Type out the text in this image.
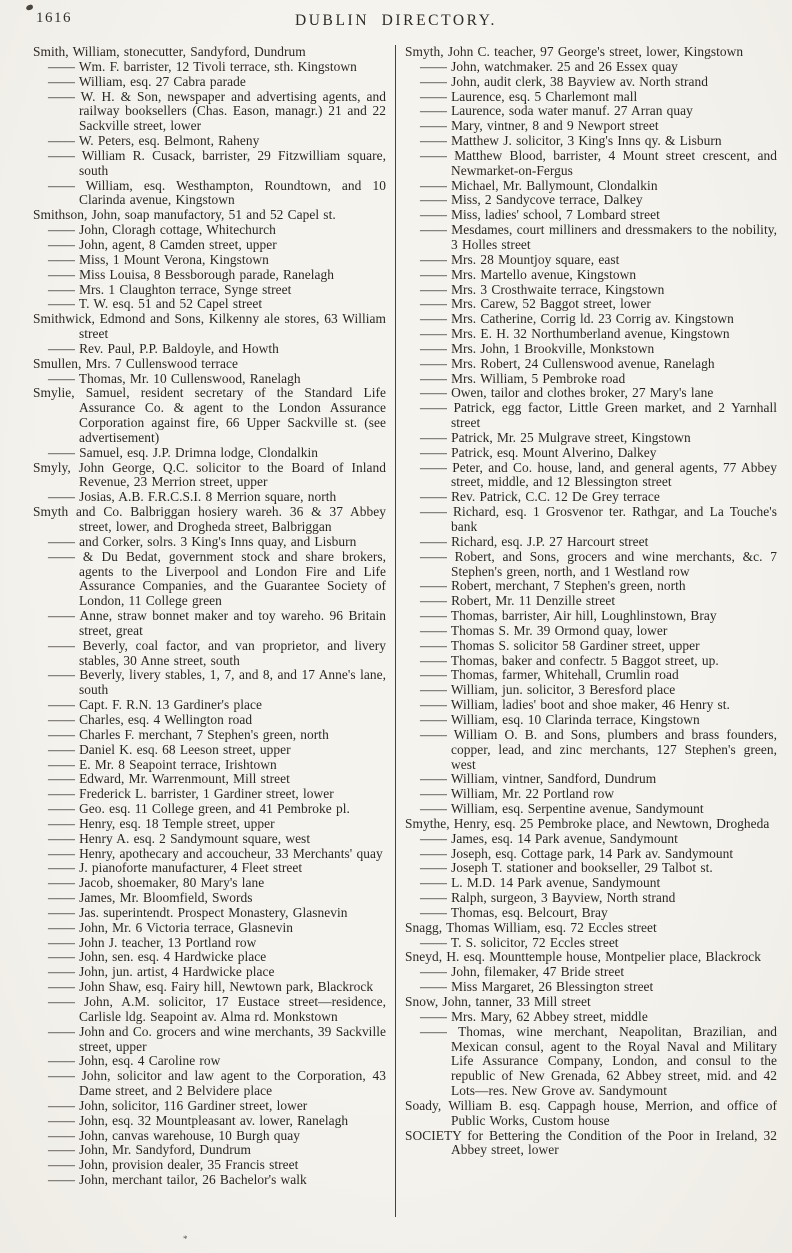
1616	DUBLIN DIRECTORY.

Smith, William, stonecutter, Sandyford, Dundrum

—— Wm. F. barrister, 12 Tivoli terrace, sth. Kingstown

—— William, esq. 27 Cabra parade

—— W. H. & Son, newspaper and advertising agents, and railway booksellers (Chas. Eason, managr.) 21 and 22 Sackville street, lower

—— W. Peters, esq. Belmont, Raheny

—— William R. Cusack, barrister, 29 Fitzwilliam square, south

—— William, esq. Westhampton, Roundtown, and 10 Clarinda avenue, Kingstown

Smithson, John, soap manufactory, 51 and 52 Capel st.

—— John, Cloragh cottage, Whitechurch

—— John, agent, 8 Camden street, upper

—— Miss, 1 Mount Verona, Kingstown

—— Miss Louisa, 8 Bessborough parade, Ranelagh

—— Mrs. 1 Claughton terrace, Synge street

—— T. W. esq. 51 and 52 Capel street

Smithwick, Edmond and Sons, Kilkenny ale stores, 63 William street

—— Rev. Paul, P.P. Baldoyle, and Howth

Smullen, Mrs. 7 Cullenswood terrace

—— Thomas, Mr. 10 Cullenswood, Ranelagh

Smylie, Samuel, resident secretary of the Standard Life Assurance Co. & agent to the London Assurance Corporation against fire, 66 Upper Sackville st. (see advertisement)

—— Samuel, esq. J.P. Drimna lodge, Clondalkin

Smyly, John George, Q.C. solicitor to the Board of Inland Revenue, 23 Merrion street, upper

—— Josias, A.B. F.R.C.S.I. 8 Merrion square, north

Smyth and Co. Balbriggan hosiery wareh. 36 & 37 Abbey street, lower, and Drogheda street, Balbriggan

—— and Corker, solrs. 3 King's Inns quay, and Lisburn

—— & Du Bedat, government stock and share brokers, agents to the Liverpool and London Fire and Life Assurance Companies, and the Guarantee Society of London, 11 College green

—— Anne, straw bonnet maker and toy wareho. 96 Britain street, great

—— Beverly, coal factor, and van proprietor, and livery stables, 30 Anne street, south

—— Beverly, livery stables, 1, 7, and 8, and 17 Anne's lane, south

—— Capt. F. R.N. 13 Gardiner's place

—— Charles, esq. 4 Wellington road

—— Charles F. merchant, 7 Stephen's green, north

—— Daniel K. esq. 68 Leeson street, upper

—— E. Mr. 8 Seapoint terrace, Irishtown

—— Edward, Mr. Warrenmount, Mill street

—— Frederick L. barrister, 1 Gardiner street, lower

—— Geo. esq. 11 College green, and 41 Pembroke pl.

—— Henry, esq. 18 Temple street, upper

—— Henry A. esq. 2 Sandymount square, west

—— Henry, apothecary and accoucheur, 33 Merchants' quay

—— J. pianoforte manufacturer, 4 Fleet street

—— Jacob, shoemaker, 80 Mary's lane

—— James, Mr. Bloomfield, Swords

—— Jas. superintendt. Prospect Monastery, Glasnevin

—— John, Mr. 6 Victoria terrace, Glasnevin

—— John J. teacher, 13 Portland row

—— John, sen. esq. 4 Hardwicke place

—— John, jun. artist, 4 Hardwicke place

—— John Shaw, esq. Fairy hill, Newtown park, Blackrock

—— John, A.M. solicitor, 17 Eustace street—residence, Carlisle ldg. Seapoint av. Alma rd. Monkstown

—— John and Co. grocers and wine merchants, 39 Sackville street, upper

—— John, esq. 4 Caroline row

—— John, solicitor and law agent to the Corporation, 43 Dame street, and 2 Belvidere place

—— John, solicitor, 116 Gardiner street, lower

—— John, esq. 32 Mountpleasant av. lower, Ranelagh

—— John, canvas warehouse, 10 Burgh quay

—— John, Mr. Sandyford, Dundrum

—— John, provision dealer, 35 Francis street

—— John, merchant tailor, 26 Bachelor's walk

Smyth, John C. teacher, 97 George's street, lower, Kingstown

—— John, watchmaker. 25 and 26 Essex quay

—— John, audit clerk, 38 Bayview av. North strand

—— Laurence, esq. 5 Charlemont mall

—— Laurence, soda water manuf. 27 Arran quay

—— Mary, vintner, 8 and 9 Newport street

—— Matthew J. solicitor, 3 King's Inns qy. & Lisburn

—— Matthew Blood, barrister, 4 Mount street crescent, and Newmarket-on-Fergus

—— Michael, Mr. Ballymount, Clondalkin

—— Miss, 2 Sandycove terrace, Dalkey

—— Miss, ladies' school, 7 Lombard street

—— Mesdames, court milliners and dressmakers to the nobility, 3 Holles street

—— Mrs. 28 Mountjoy square, east

—— Mrs. Martello avenue, Kingstown

—— Mrs. 3 Crosthwaite terrace, Kingstown

—— Mrs. Carew, 52 Baggot street, lower

—— Mrs. Catherine, Corrig ld. 23 Corrig av. Kingstown

—— Mrs. E. H. 32 Northumberland avenue, Kingstown

—— Mrs. John, 1 Brookville, Monkstown

—— Mrs. Robert, 24 Cullenswood avenue, Ranelagh

—— Mrs. William, 5 Pembroke road

—— Owen, tailor and clothes broker, 27 Mary's lane

—— Patrick, egg factor, Little Green market, and 2 Yarnhall street

—— Patrick, Mr. 25 Mulgrave street, Kingstown

—— Patrick, esq. Mount Alverino, Dalkey

—— Peter, and Co. house, land, and general agents, 77 Abbey street, middle, and 12 Blessington street

—— Rev. Patrick, C.C. 12 De Grey terrace

—— Richard, esq. 1 Grosvenor ter. Rathgar, and La Touche's bank

—— Richard, esq. J.P. 27 Harcourt street

—— Robert, and Sons, grocers and wine merchants, &c. 7 Stephen's green, north, and 1 Westland row

—— Robert, merchant, 7 Stephen's green, north

—— Robert, Mr. 11 Denzille street

—— Thomas, barrister, Air hill, Loughlinstown, Bray

—— Thomas S. Mr. 39 Ormond quay, lower

—— Thomas S. solicitor 58 Gardiner street, upper

—— Thomas, baker and confectr. 5 Baggot street, up.

—— Thomas, farmer, Whitehall, Crumlin road

—— William, jun. solicitor, 3 Beresford place

—— William, ladies' boot and shoe maker, 46 Henry st.

—— William, esq. 10 Clarinda terrace, Kingstown

—— William O. B. and Sons, plumbers and brass founders, copper, lead, and zinc merchants, 127 Stephen's green, west

—— William, vintner, Sandford, Dundrum

—— William, Mr. 22 Portland row

—— William, esq. Serpentine avenue, Sandymount

Smythe, Henry, esq. 25 Pembroke place, and Newtown, Drogheda

—— James, esq. 14 Park avenue, Sandymount

—— Joseph, esq. Cottage park, 14 Park av. Sandymount

—— Joseph T. stationer and bookseller, 29 Talbot st.

—— L. M.D. 14 Park avenue, Sandymount

—— Ralph, surgeon, 3 Bayview, North strand

—— Thomas, esq. Belcourt, Bray

Snagg, Thomas William, esq. 72 Eccles street

—— T. S. solicitor, 72 Eccles street

Sneyd, H. esq. Mounttemple house, Montpelier place, Blackrock

—— John, filemaker, 47 Bride street

—— Miss Margaret, 26 Blessington street

Snow, John, tanner, 33 Mill street

—— Mrs. Mary, 62 Abbey street, middle

—— Thomas, wine merchant, Neapolitan, Brazilian, and Mexican consul, agent to the Royal Naval and Military Life Assurance Company, London, and consul to the republic of New Grenada, 62 Abbey street, mid. and 42 Lots—res. New Grove av. Sandymount

Soady, William B. esq. Cappagh house, Merrion, and office of Public Works, Custom house

SOCIETY for Bettering the Condition of the Poor in Ireland, 32 Abbey street, lower

*
